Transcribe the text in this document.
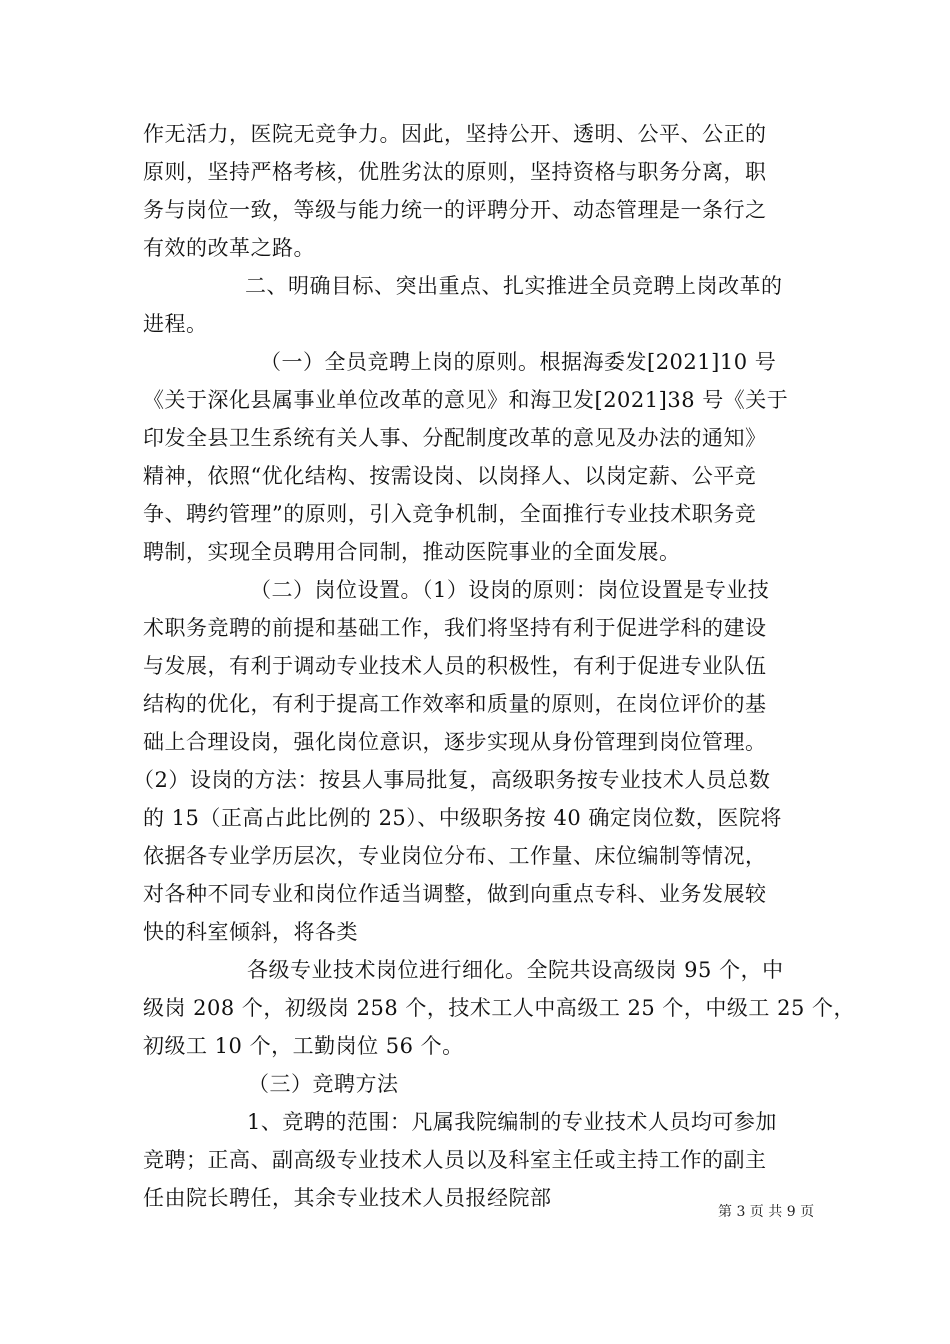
作无活力，医院无竞争力。因此，坚持公开、透明、公平、公正的
原则，坚持严格考核，优胜劣汰的原则，坚持资格与职务分离，职
务与岗位一致，等级与能力统一的评聘分开、动态管理是一条行之
有效的改革之路。
二、明确目标、突出重点、扎实推进全员竞聘上岗改革的
进程。
（一）全员竞聘上岗的原则。根据海委发[2021]10 号
《关于深化县属事业单位改革的意见》和海卫发[2021]38 号《关于
印发全县卫生系统有关人事、分配制度改革的意见及办法的通知》
精神，依照“优化结构、按需设岗、以岗择人、以岗定薪、公平竞
争、聘约管理”的原则，引入竞争机制，全面推行专业技术职务竞
聘制，实现全员聘用合同制，推动医院事业的全面发展。
（二）岗位设置。（1）设岗的原则：岗位设置是专业技
术职务竞聘的前提和基础工作，我们将坚持有利于促进学科的建设
与发展，有利于调动专业技术人员的积极性，有利于促进专业队伍
结构的优化，有利于提高工作效率和质量的原则，在岗位评价的基
础上合理设岗，强化岗位意识，逐步实现从身份管理到岗位管理。
（2）设岗的方法：按县人事局批复，高级职务按专业技术人员总数
的 15（正高占此比例的 25）、中级职务按 40 确定岗位数，医院将
依据各专业学历层次，专业岗位分布、工作量、床位编制等情况，
对各种不同专业和岗位作适当调整，做到向重点专科、业务发展较
快的科室倾斜，将各类
各级专业技术岗位进行细化。全院共设高级岗 95 个，中
级岗 208 个，初级岗 258 个，技术工人中高级工 25 个，中级工 25 个，
初级工 10 个，工勤岗位 56 个。
（三）竞聘方法
1、竞聘的范围：凡属我院编制的专业技术人员均可参加
竞聘；正高、副高级专业技术人员以及科室主任或主持工作的副主
任由院长聘任，其余专业技术人员报经院部
第 3 页 共 9 页
